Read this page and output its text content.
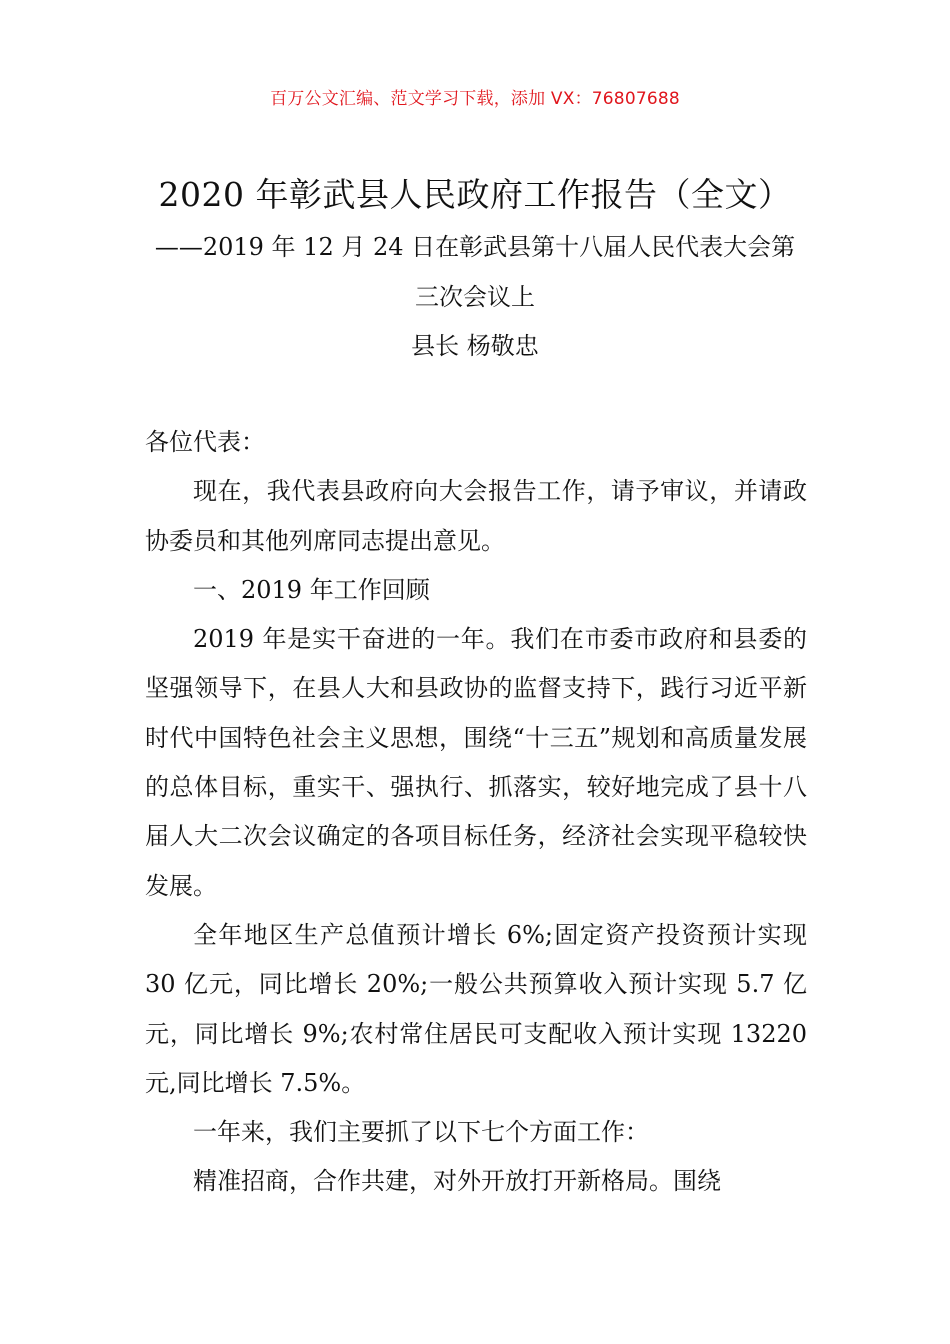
百万公文汇编、范文学习下载，添加 VX：76807688
2020 年彰武县人民政府工作报告（全文）
——2019 年 12 月 24 日在彰武县第十八届人民代表大会第三次会议上
县长 杨敬忠

各位代表：

现在，我代表县政府向大会报告工作，请予审议，并请政协委员和其他列席同志提出意见。

一、2019 年工作回顾

2019 年是实干奋进的一年。我们在市委市政府和县委的坚强领导下，在县人大和县政协的监督支持下，践行习近平新时代中国特色社会主义思想，围绕“十三五”规划和高质量发展的总体目标，重实干、强执行、抓落实，较好地完成了县十八届人大二次会议确定的各项目标任务，经济社会实现平稳较快发展。

全年地区生产总值预计增长 6%;固定资产投资预计实现 30 亿元，同比增长 20%;一般公共预算收入预计实现 5.7 亿元，同比增长 9%;农村常住居民可支配收入预计实现 13220 元,同比增长 7.5%。

一年来，我们主要抓了以下七个方面工作：

精准招商，合作共建，对外开放打开新格局。围绕
